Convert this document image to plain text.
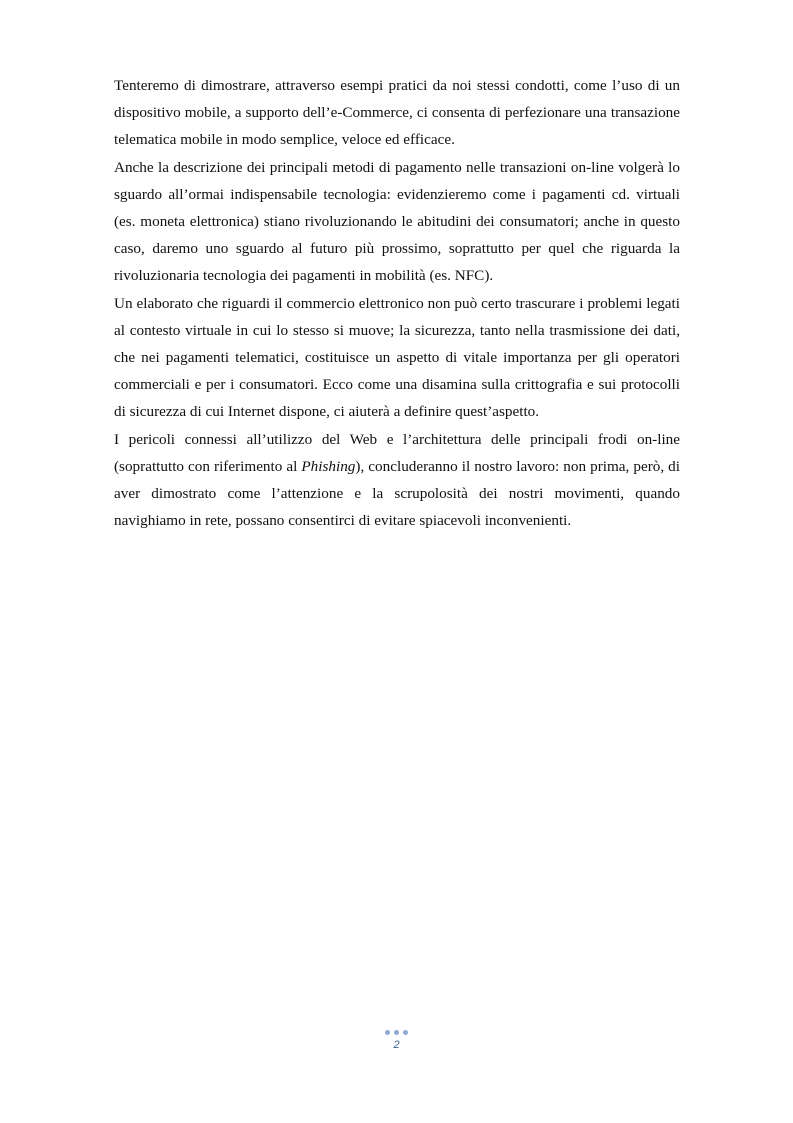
Tenteremo di dimostrare, attraverso esempi pratici da noi stessi condotti, come l’uso di un dispositivo mobile, a supporto dell’e-Commerce, ci consenta di perfezionare una transazione telematica mobile in modo semplice, veloce ed efficace.

Anche la descrizione dei principali metodi di pagamento nelle transazioni on-line volgerà lo sguardo all’ormai indispensabile tecnologia: evidenzieremo come i pagamenti cd. virtuali (es. moneta elettronica) stiano rivoluzionando le abitudini dei consumatori; anche in questo caso, daremo uno sguardo al futuro più prossimo, soprattutto per quel che riguarda la rivoluzionaria tecnologia dei pagamenti in mobilità (es. NFC).

Un elaborato che riguardi il commercio elettronico non può certo trascurare i problemi legati al contesto virtuale in cui lo stesso si muove; la sicurezza, tanto nella trasmissione dei dati, che nei pagamenti telematici, costituisce un aspetto di vitale importanza per gli operatori commerciali e per i consumatori. Ecco come una disamina sulla crittografia e sui protocolli di sicurezza di cui Internet dispone, ci aiuterà a definire quest’aspetto.

I pericoli connessi all’utilizzo del Web e l’architettura delle principali frodi on-line (soprattutto con riferimento al Phishing), concluderanno il nostro lavoro: non prima, però, di aver dimostrato come l’attenzione e la scrupolosità dei nostri movimenti, quando navighiamo in rete, possano consentirci di evitare spiacevoli inconvenienti.

2
